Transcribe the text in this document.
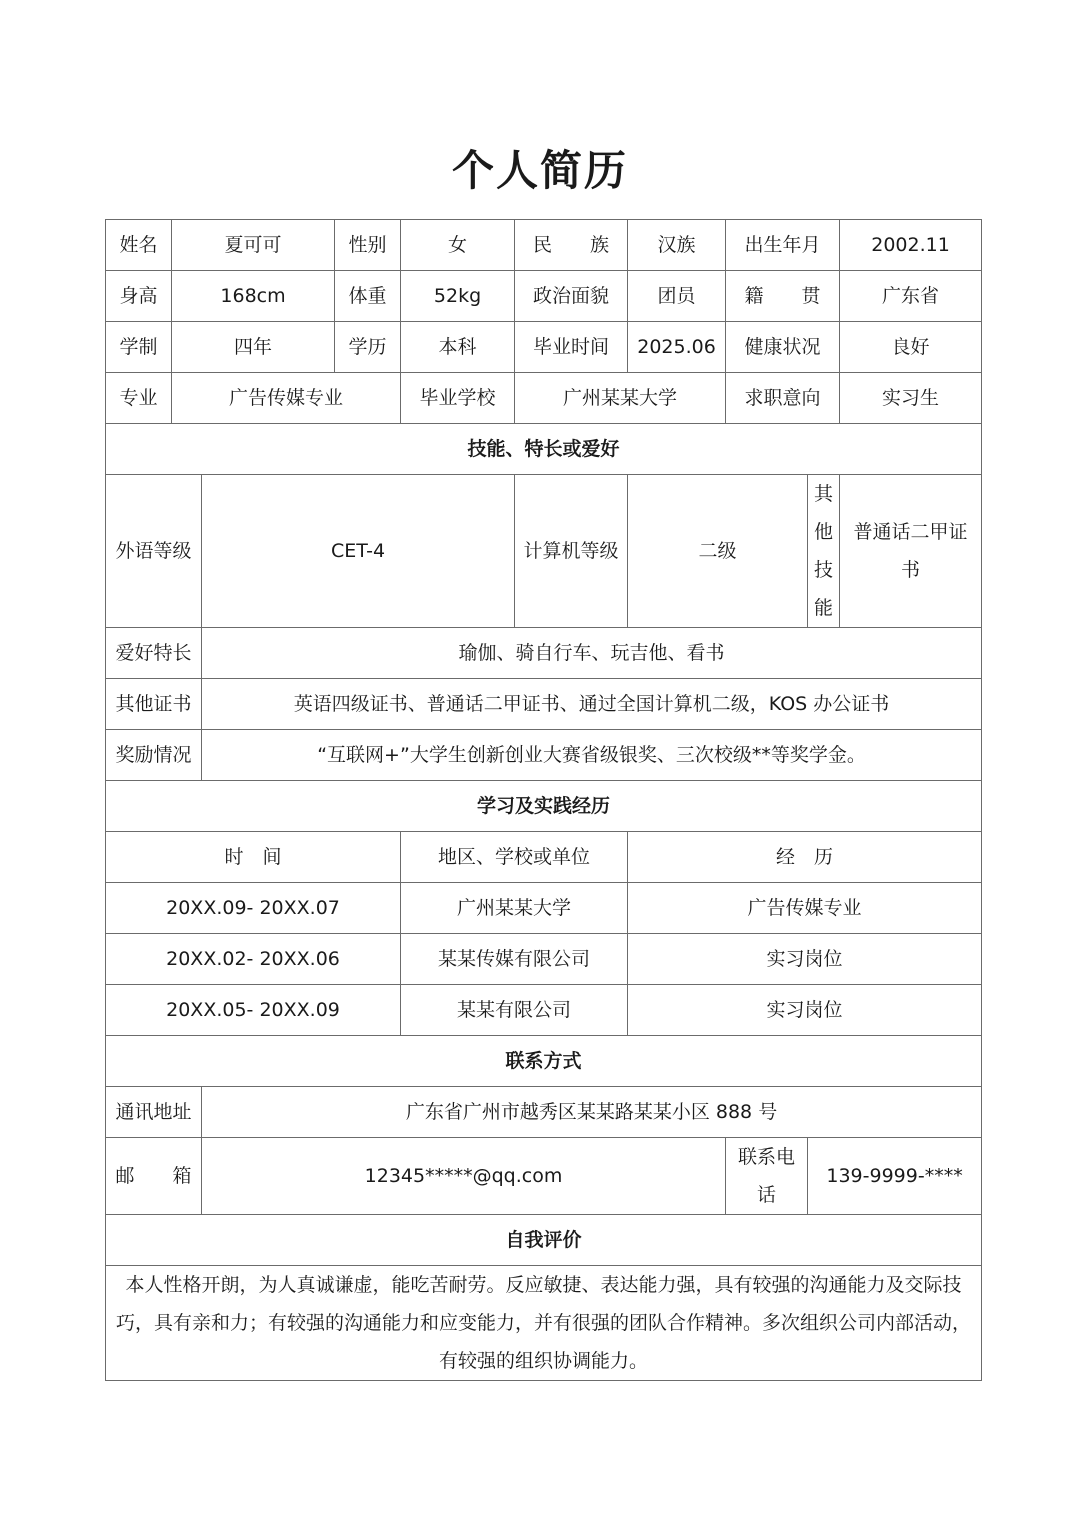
个人简历
姓名	夏可可		性别	女	民　　族	汉族	出生年月		2002.11
身高	168cm		体重	52kg	政治面貌	团员	籍　　贯		广东省
学制	四年		学历	本科	毕业时间	2025.06	健康状况		良好
专业	广告传媒专业			毕业学校	广州某某大学		求职意向		实习生
技能、特长或爱好									
外语等级		CET-4			计算机等级	二级		其他技能	普通话二甲证
书

爱好特长		瑜伽、骑自行车、玩吉他、看书							
其他证书		英语四级证书、普通话二甲证书、通过全国计算机二级，KOS 办公证书							
奖励情况		“互联网+”大学生创新创业大赛省级银奖、三次校级**等奖学金。							
学习及实践经历									
时　间				地区、学校或单位		经　历			
20XX.09- 20XX.07				广州某某大学		广告传媒专业			
20XX.02- 20XX.06				某某传媒有限公司		实习岗位			
20XX.05- 20XX.09				某某有限公司		实习岗位			
联系方式									
通讯地址		广东省广州市越秀区某某路某某小区 888 号							
邮　　箱		12345*****@qq.com					联系电话	139-9999-****	
自我评价									
本人性格开朗，为人真诚谦虚，能吃苦耐劳。反应敏捷、表达能力强，具有较强的沟通能力及交际技巧，具有亲和力；有较强的沟通能力和应变能力，并有很强的团队合作精神。多次组织公司内部活动，有较强的组织协调能力。									
